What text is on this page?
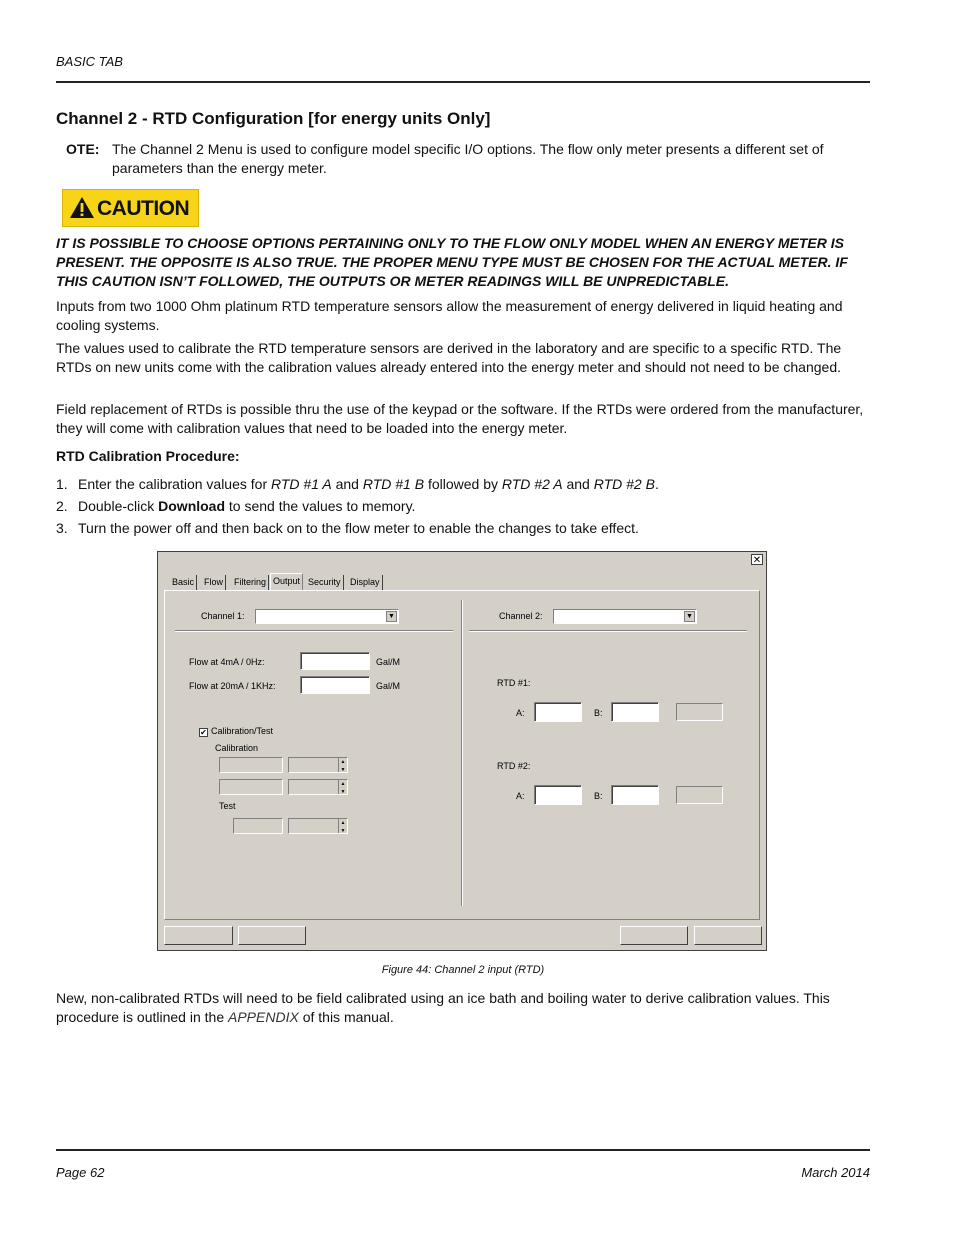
BASIC TAB
Channel 2 - RTD Configuration [for energy units Only]
OTE: The Channel 2 Menu is used to configure model specific I/O options. The flow only meter presents a different set of parameters than the energy meter.
CAUTION
IT IS POSSIBLE TO CHOOSE OPTIONS PERTAINING ONLY TO THE FLOW ONLY MODEL WHEN AN ENERGY METER IS PRESENT. THE OPPOSITE IS ALSO TRUE. THE PROPER MENU TYPE MUST BE CHOSEN FOR THE ACTUAL METER. IF THIS CAUTION ISN’T FOLLOWED, THE OUTPUTS OR METER READINGS WILL BE UNPREDICTABLE.
Inputs from two 1000 Ohm platinum RTD temperature sensors allow the measurement of energy delivered in liquid heating and cooling systems.
The values used to calibrate the RTD temperature sensors are derived in the laboratory and are specific to a specific RTD. The RTDs on new units come with the calibration values already entered into the energy meter and should not need to be changed.
Field replacement of RTDs is possible thru the use of the keypad or the software. If the RTDs were ordered from the manufacturer, they will come with calibration values that need to be loaded into the energy meter.
RTD Calibration Procedure:
1. Enter the calibration values for RTD #1 A and RTD #1 B followed by RTD #2 A and RTD #2 B.
2. Double-click Download to send the values to memory.
3. Turn the power off and then back on to the flow meter to enable the changes to take effect.
✕
Basic	Flow	Filtering Output Security	Display
Channel 1:	▼
Flow at 4mA / 0Hz:	Gal/M
Flow at 20mA / 1KHz:	Gal/M
✔ Calibration/Test
Calibration
▲
▼
▲
▼
Test
▲
▼
Channel 2:	▼
RTD #1:
A:	B:
RTD #2:
A:	B:
Figure 44: Channel 2 input (RTD)
New, non-calibrated RTDs will need to be field calibrated using an ice bath and boiling water to derive calibration values. This procedure is outlined in the APPENDIX of this manual.
Page 62	March 2014
